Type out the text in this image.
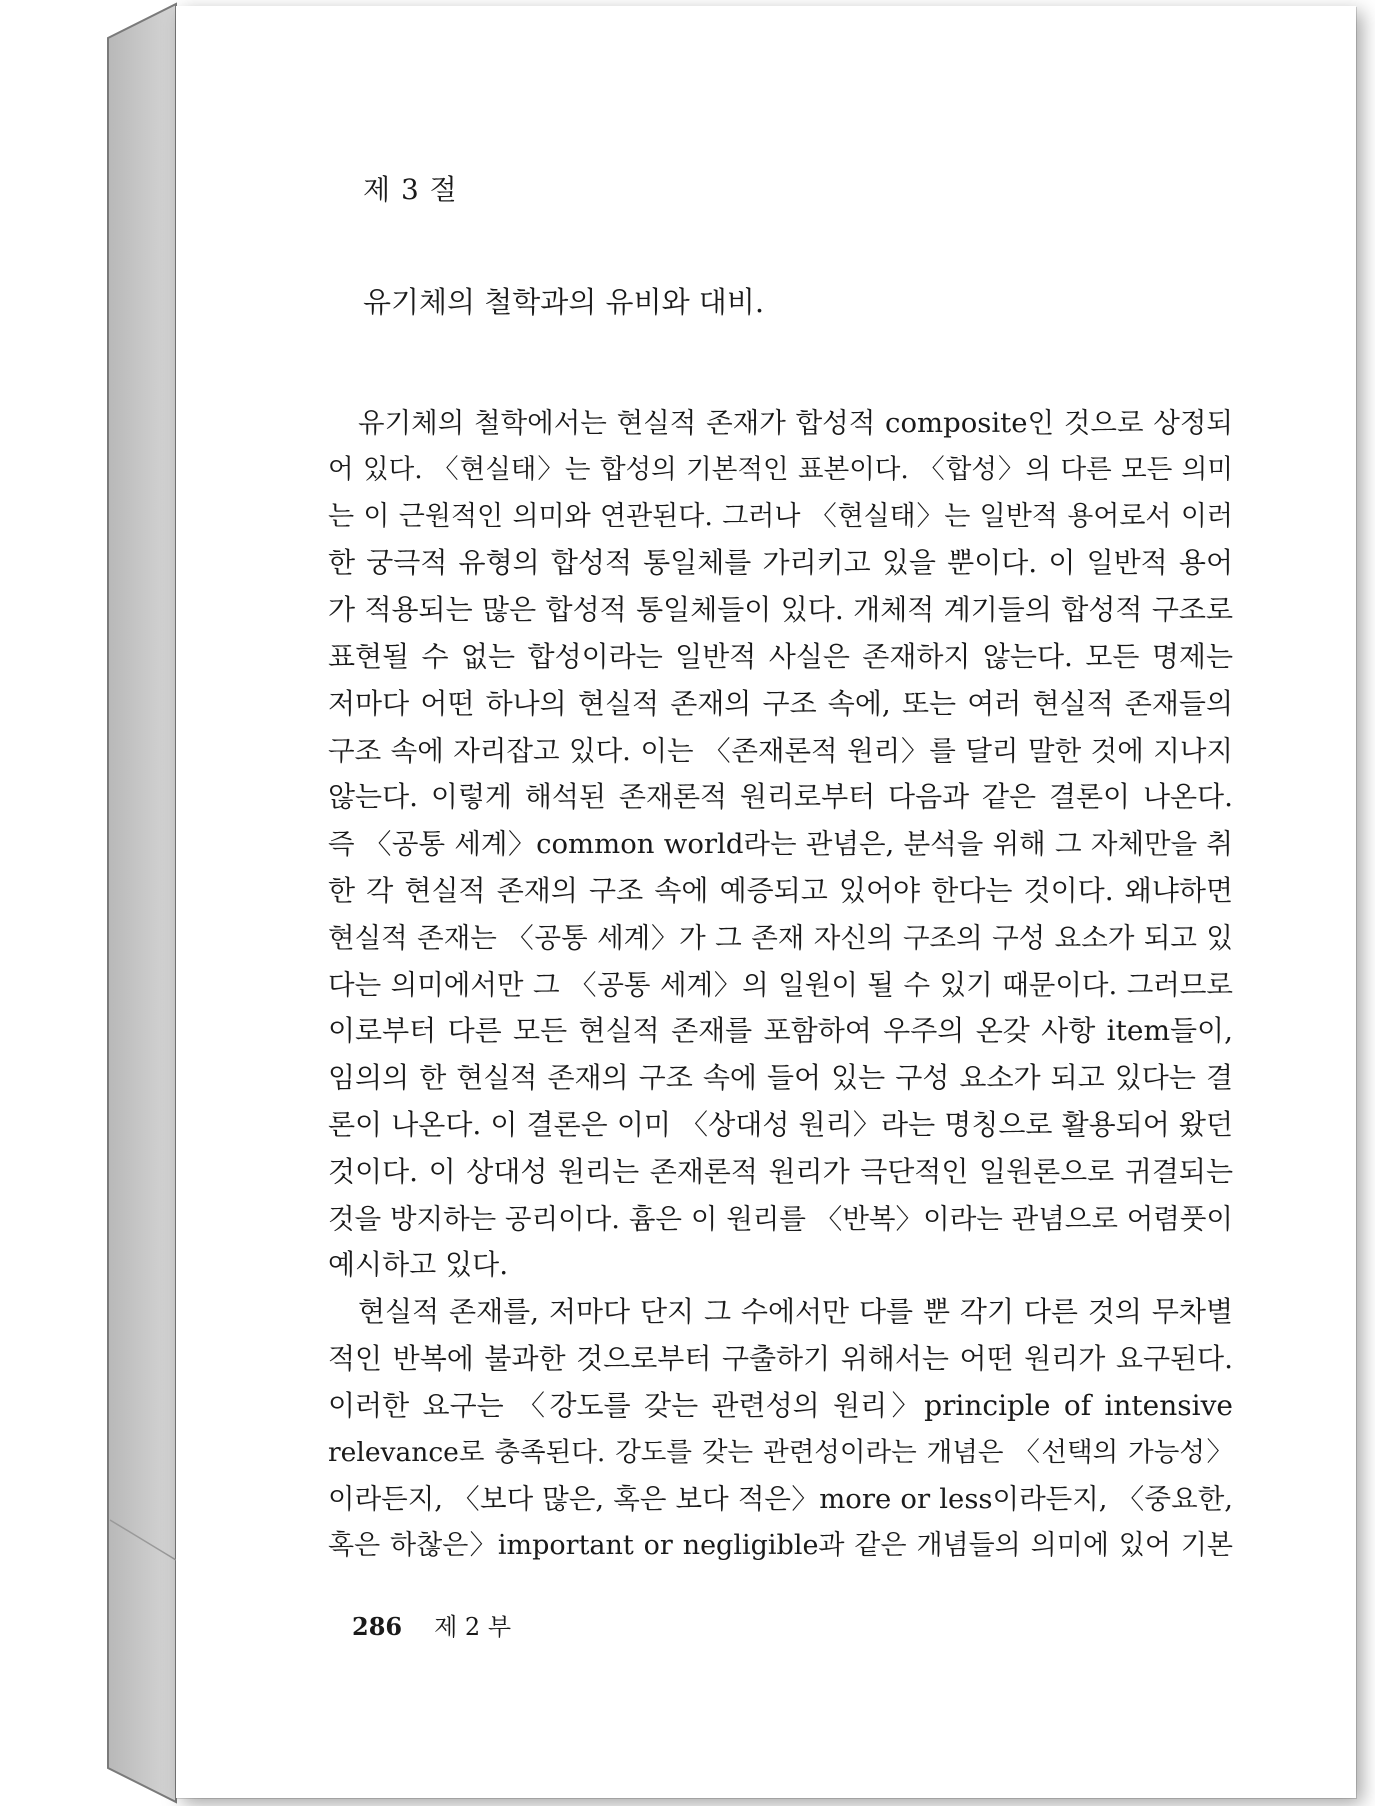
제 3 절
유기체의 철학과의 유비와 대비.
유기체의 철학에서는 현실적 존재가 합성적 composite인 것으로 상정되
어 있다. 〈현실태〉는 합성의 기본적인 표본이다. 〈합성〉의 다른 모든 의미
는 이 근원적인 의미와 연관된다. 그러나 〈현실태〉는 일반적 용어로서 이러
한 궁극적 유형의 합성적 통일체를 가리키고 있을 뿐이다. 이 일반적 용어
가 적용되는 많은 합성적 통일체들이 있다. 개체적 계기들의 합성적 구조로
표현될 수 없는 합성이라는 일반적 사실은 존재하지 않는다. 모든 명제는
저마다 어떤 하나의 현실적 존재의 구조 속에, 또는 여러 현실적 존재들의
구조 속에 자리잡고 있다. 이는 〈존재론적 원리〉를 달리 말한 것에 지나지
않는다. 이렇게 해석된 존재론적 원리로부터 다음과 같은 결론이 나온다.
즉 〈공통 세계〉common world라는 관념은, 분석을 위해 그 자체만을 취
한 각 현실적 존재의 구조 속에 예증되고 있어야 한다는 것이다. 왜냐하면
현실적 존재는 〈공통 세계〉가 그 존재 자신의 구조의 구성 요소가 되고 있
다는 의미에서만 그 〈공통 세계〉의 일원이 될 수 있기 때문이다. 그러므로
이로부터 다른 모든 현실적 존재를 포함하여 우주의 온갖 사항 item들이,
임의의 한 현실적 존재의 구조 속에 들어 있는 구성 요소가 되고 있다는 결
론이 나온다. 이 결론은 이미 〈상대성 원리〉라는 명칭으로 활용되어 왔던
것이다. 이 상대성 원리는 존재론적 원리가 극단적인 일원론으로 귀결되는
것을 방지하는 공리이다. 흄은 이 원리를 〈반복〉이라는 관념으로 어렴풋이
예시하고 있다.
현실적 존재를, 저마다 단지 그 수에서만 다를 뿐 각기 다른 것의 무차별
적인 반복에 불과한 것으로부터 구출하기 위해서는 어떤 원리가 요구된다.
이러한 요구는 〈강도를 갖는 관련성의 원리〉principle of intensive
relevance로 충족된다. 강도를 갖는 관련성이라는 개념은 〈선택의 가능성〉
이라든지, 〈보다 많은, 혹은 보다 적은〉more or less이라든지, 〈중요한,
혹은 하찮은〉important or negligible과 같은 개념들의 의미에 있어 기본
286 제 2 부
